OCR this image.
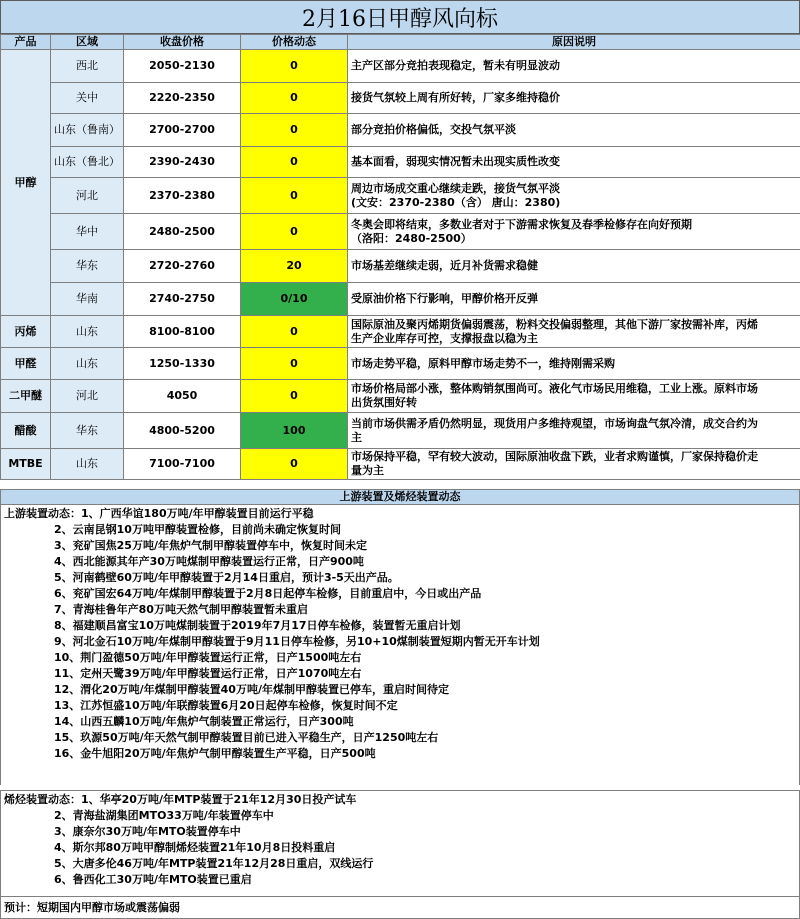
2月16日甲醇风向标
产品	区域	收盘价格	价格动态	原因说明
甲醇	西北	2050-2130	0	主产区部分竞拍表现稳定，暂未有明显波动

	关中	2220-2350	0	接货气氛较上周有所好转，厂家多维持稳价

	山东（鲁南）	2700-2700	0	部分竞拍价格偏低，交投气氛平淡

	山东（鲁北）	2390-2430	0	基本面看，弱现实情况暂未出现实质性改变

	河北	2370-2380	0	周边市场成交重心继续走跌，接货气氛平淡
(文安：2370-2380（含） 唐山：2380)

	华中	2480-2500	0	冬奥会即将结束，多数业者对于下游需求恢复及春季检修存在向好预期
（洛阳：2480-2500）

	华东	2720-2760	20	市场基差继续走弱，近月补货需求稳健

	华南	2740-2750	0/10	受原油价格下行影响，甲醇价格开反弹

丙烯	山东	8100-8100	0	国际原油及聚丙烯期货偏弱震荡，粉料交投偏弱整理，其他下游厂家按需补库，丙烯
生产企业库存可控，支撑报盘以稳为主

甲醛	山东	1250-1330	0	市场走势平稳，原料甲醇市场走势不一，维持刚需采购

二甲醚	河北	4050	0	市场价格局部小涨，整体购销氛围尚可。液化气市场民用维稳，工业上涨。原料市场
出货氛围好转

醋酸	华东	4800-5200	100	当前市场供需矛盾仍然明显，现货用户多维持观望，市场询盘气氛冷清，成交合约为
主

MTBE	山东	7100-7100	0	市场保持平稳，罕有较大波动，国际原油收盘下跌，业者求购谨慎，厂家保持稳价走
量为主
上游装置及烯烃装置动态
上游装置动态：1、广西华谊180万吨/年甲醇装置目前运行平稳
2、云南昆钢10万吨甲醇装置检修，目前尚未确定恢复时间
3、兖矿国焦25万吨/年焦炉气制甲醇装置停车中，恢复时间未定
4、西北能源其年产30万吨煤制甲醇装置运行正常，日产900吨
5、河南鹤壁60万吨/年甲醇装置于2月14日重启，预计3-5天出产品。
6、兖矿国宏64万吨/年煤制甲醇装置于2月8日起停车检修，目前重启中，今日或出产品
7、青海桂鲁年产80万吨天然气制甲醇装置暂未重启
8、福建顺昌富宝10万吨煤制装置于2019年7月17日停车检修，装置暂无重启计划
9、河北金石10万吨/年煤制甲醇装置于9月11日停车检修，另10+10煤制装置短期内暂无开车计划
10、荆门盈德50万吨/年甲醇装置运行正常，日产1500吨左右
11、定州天鹭39万吨/年甲醇装置运行正常，日产1070吨左右
12、渭化20万吨/年煤制甲醇装置40万吨/年煤制甲醇装置已停车，重启时间待定
13、江苏恒盛10万吨/年联醇装置6月20日起停车检修，恢复时间不定
14、山西五麟10万吨/年焦炉气制装置正常运行，日产300吨
15、玖源50万吨/年天然气制甲醇装置目前已进入平稳生产，日产1250吨左右
16、金牛旭阳20万吨/年焦炉气制甲醇装置生产平稳，日产500吨
烯烃装置动态：1、华亭20万吨/年MTP装置于21年12月30日投产试车
2、青海盐湖集团MTO33万吨/年装置停车中
3、康奈尔30万吨/年MTO装置停车中
4、斯尔邦80万吨甲醇制烯烃装置21年10月8日投料重启
5、大唐多伦46万吨/年MTP装置21年12月28日重启，双线运行
6、鲁西化工30万吨/年MTO装置已重启
预计：短期国内甲醇市场或震荡偏弱
